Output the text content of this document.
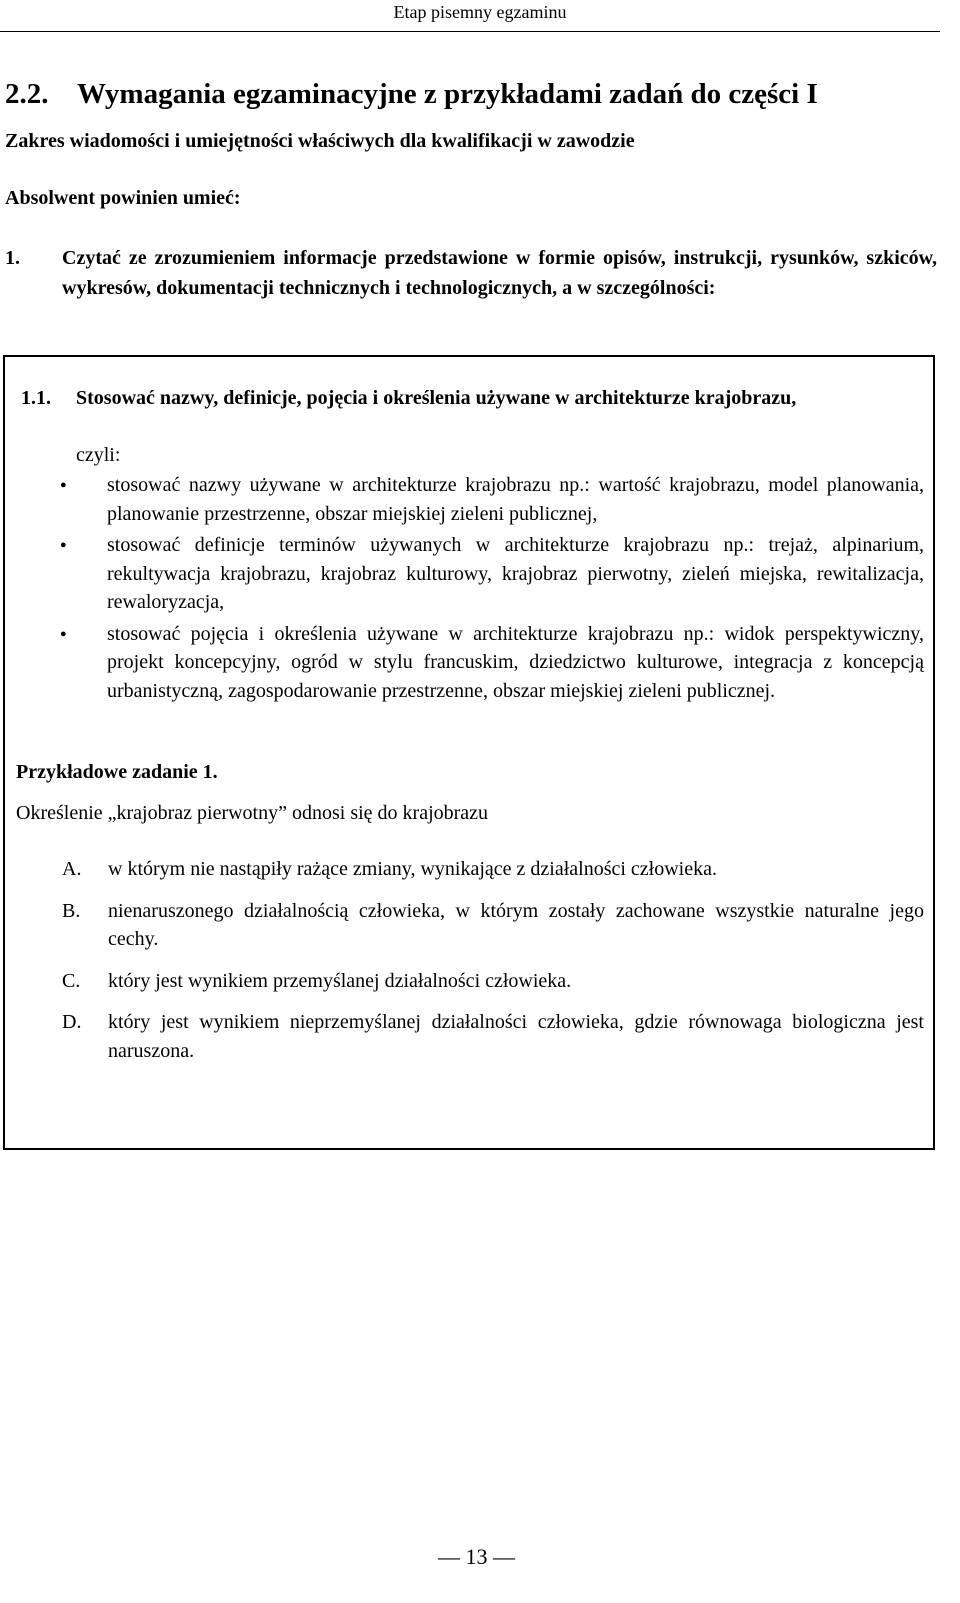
Etap pisemny egzaminu
2.2. Wymagania egzaminacyjne z przykładami zadań do części I
Zakres wiadomości i umiejętności właściwych dla kwalifikacji w zawodzie
Absolwent powinien umieć:
1. Czytać ze zrozumieniem informacje przedstawione w formie opisów, instrukcji, rysunków, szkiców, wykresów, dokumentacji technicznych i technologicznych, a w szczególności:
1.1. Stosować nazwy, definicje, pojęcia i określenia używane w architekturze krajobrazu,
czyli:
● stosować nazwy używane w architekturze krajobrazu np.: wartość krajobrazu, model planowania, planowanie przestrzenne, obszar miejskiej zieleni publicznej,
● stosować definicje terminów używanych w architekturze krajobrazu np.: trejaż, alpinarium, rekultywacja krajobrazu, krajobraz kulturowy, krajobraz pierwotny, zieleń miejska, rewitalizacja, rewaloryzacja,
● stosować pojęcia i określenia używane w architekturze krajobrazu np.: widok perspektywiczny, projekt koncepcyjny, ogród w stylu francuskim, dziedzictwo kulturowe, integracja z koncepcją urbanistyczną, zagospodarowanie przestrzenne, obszar miejskiej zieleni publicznej.
Przykładowe zadanie 1.
Określenie „krajobraz pierwotny” odnosi się do krajobrazu
A. w którym nie nastąpiły rażące zmiany, wynikające z działalności człowieka.
B. nienaruszonego działalnością człowieka, w którym zostały zachowane wszystkie naturalne jego cechy.
C. który jest wynikiem przemyślanej działalności człowieka.
D. który jest wynikiem nieprzemyślanej działalności człowieka, gdzie równowaga biologiczna jest naruszona.
— 13 —
